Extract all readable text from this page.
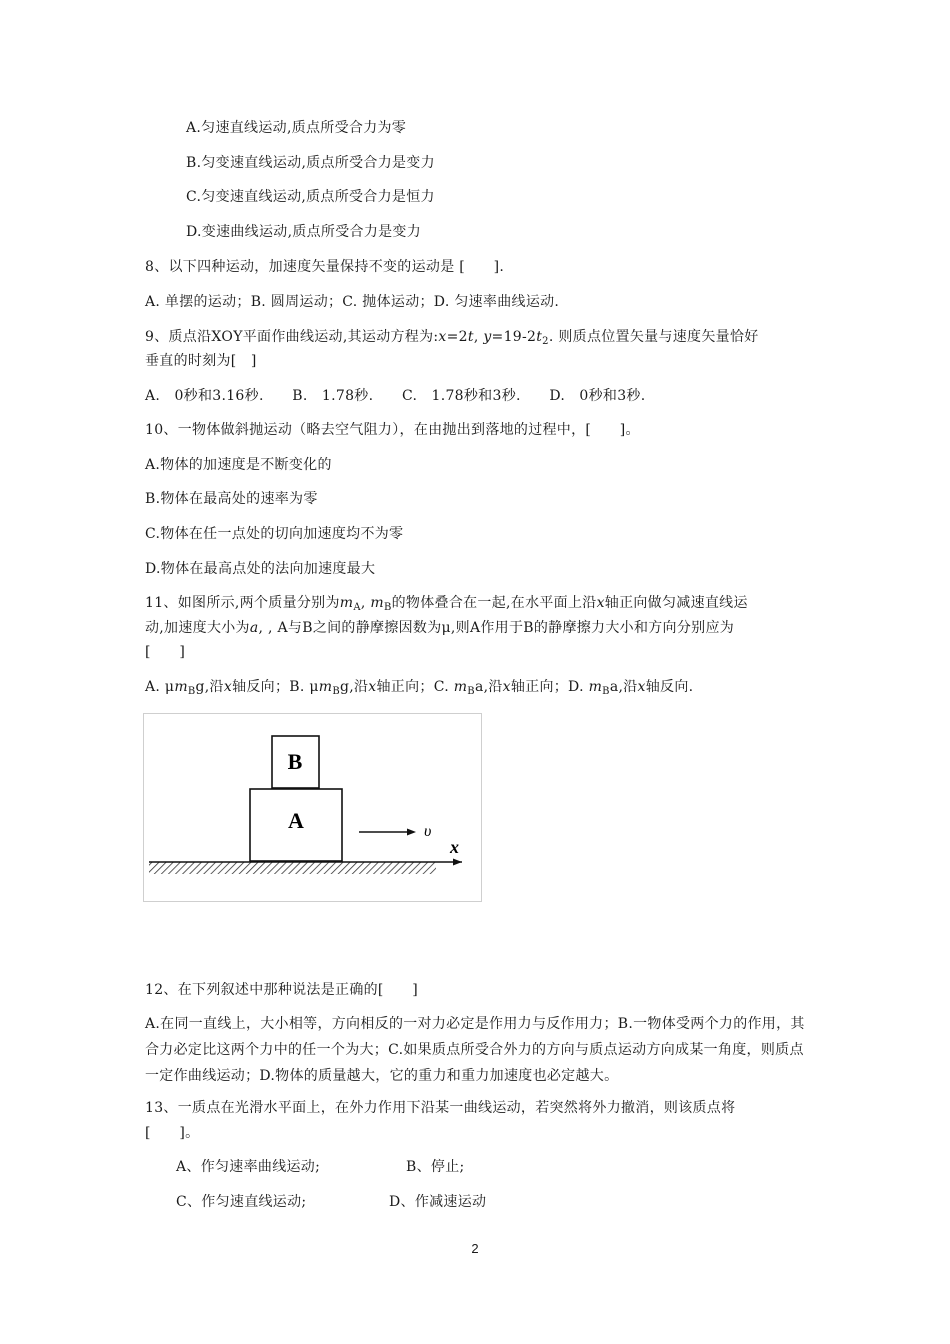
A.匀速直线运动,质点所受合力为零
B.匀变速直线运动,质点所受合力是变力
C.匀变速直线运动,质点所受合力是恒力
D.变速曲线运动,质点所受合力是变力
8、以下四种运动，加速度矢量保持不变的运动是 [　　].
A. 单摆的运动；B. 圆周运动；C. 抛体运动；D. 匀速率曲线运动.
9、质点沿XOY平面作曲线运动,其运动方程为:x=2t, $y=19-2t_2$. 则质点位置矢量与速度矢量恰好
垂直的时刻为[　]
A.　0秒和3.16秒.　　B.　1.78秒.　　C.　1.78秒和3秒.　　D.　0秒和3秒.
10、一物体做斜抛运动（略去空气阻力），在由抛出到落地的过程中，[　　]。
A.物体的加速度是不断变化的
B.物体在最高处的速率为零
C.物体在任一点处的切向加速度均不为零
D.物体在最高点处的法向加速度最大
11、如图所示,两个质量分别为$m_A$, $m_B$的物体叠合在一起,在水平面上沿x轴正向做匀减速直线运
动,加速度大小为a, , A与B之间的静摩擦因数为μ,则A作用于B的静摩擦力大小和方向分别应为
[　　]
A. $\mu m_Bg$,沿x轴反向；B. $\mu m_Bg$,沿x轴正向；C. $m_Ba$,沿x轴正向；D. $m_Ba$,沿x轴反向.
A
B
υ
x
12、在下列叙述中那种说法是正确的[　　]
A.在同一直线上，大小相等，方向相反的一对力必定是作用力与反作用力；B.一物体受两个力的作用，其合力必定比这两个力中的任一个为大；C.如果质点所受合外力的方向与质点运动方向成某一角度，则质点一定作曲线运动；D.物体的质量越大，它的重力和重力加速度也必定越大。
13、一质点在光滑水平面上，在外力作用下沿某一曲线运动，若突然将外力撤消，则该质点将
[　　]。
A、作匀速率曲线运动;	B、停止;
C、作匀速直线运动;	D、作减速运动
2
